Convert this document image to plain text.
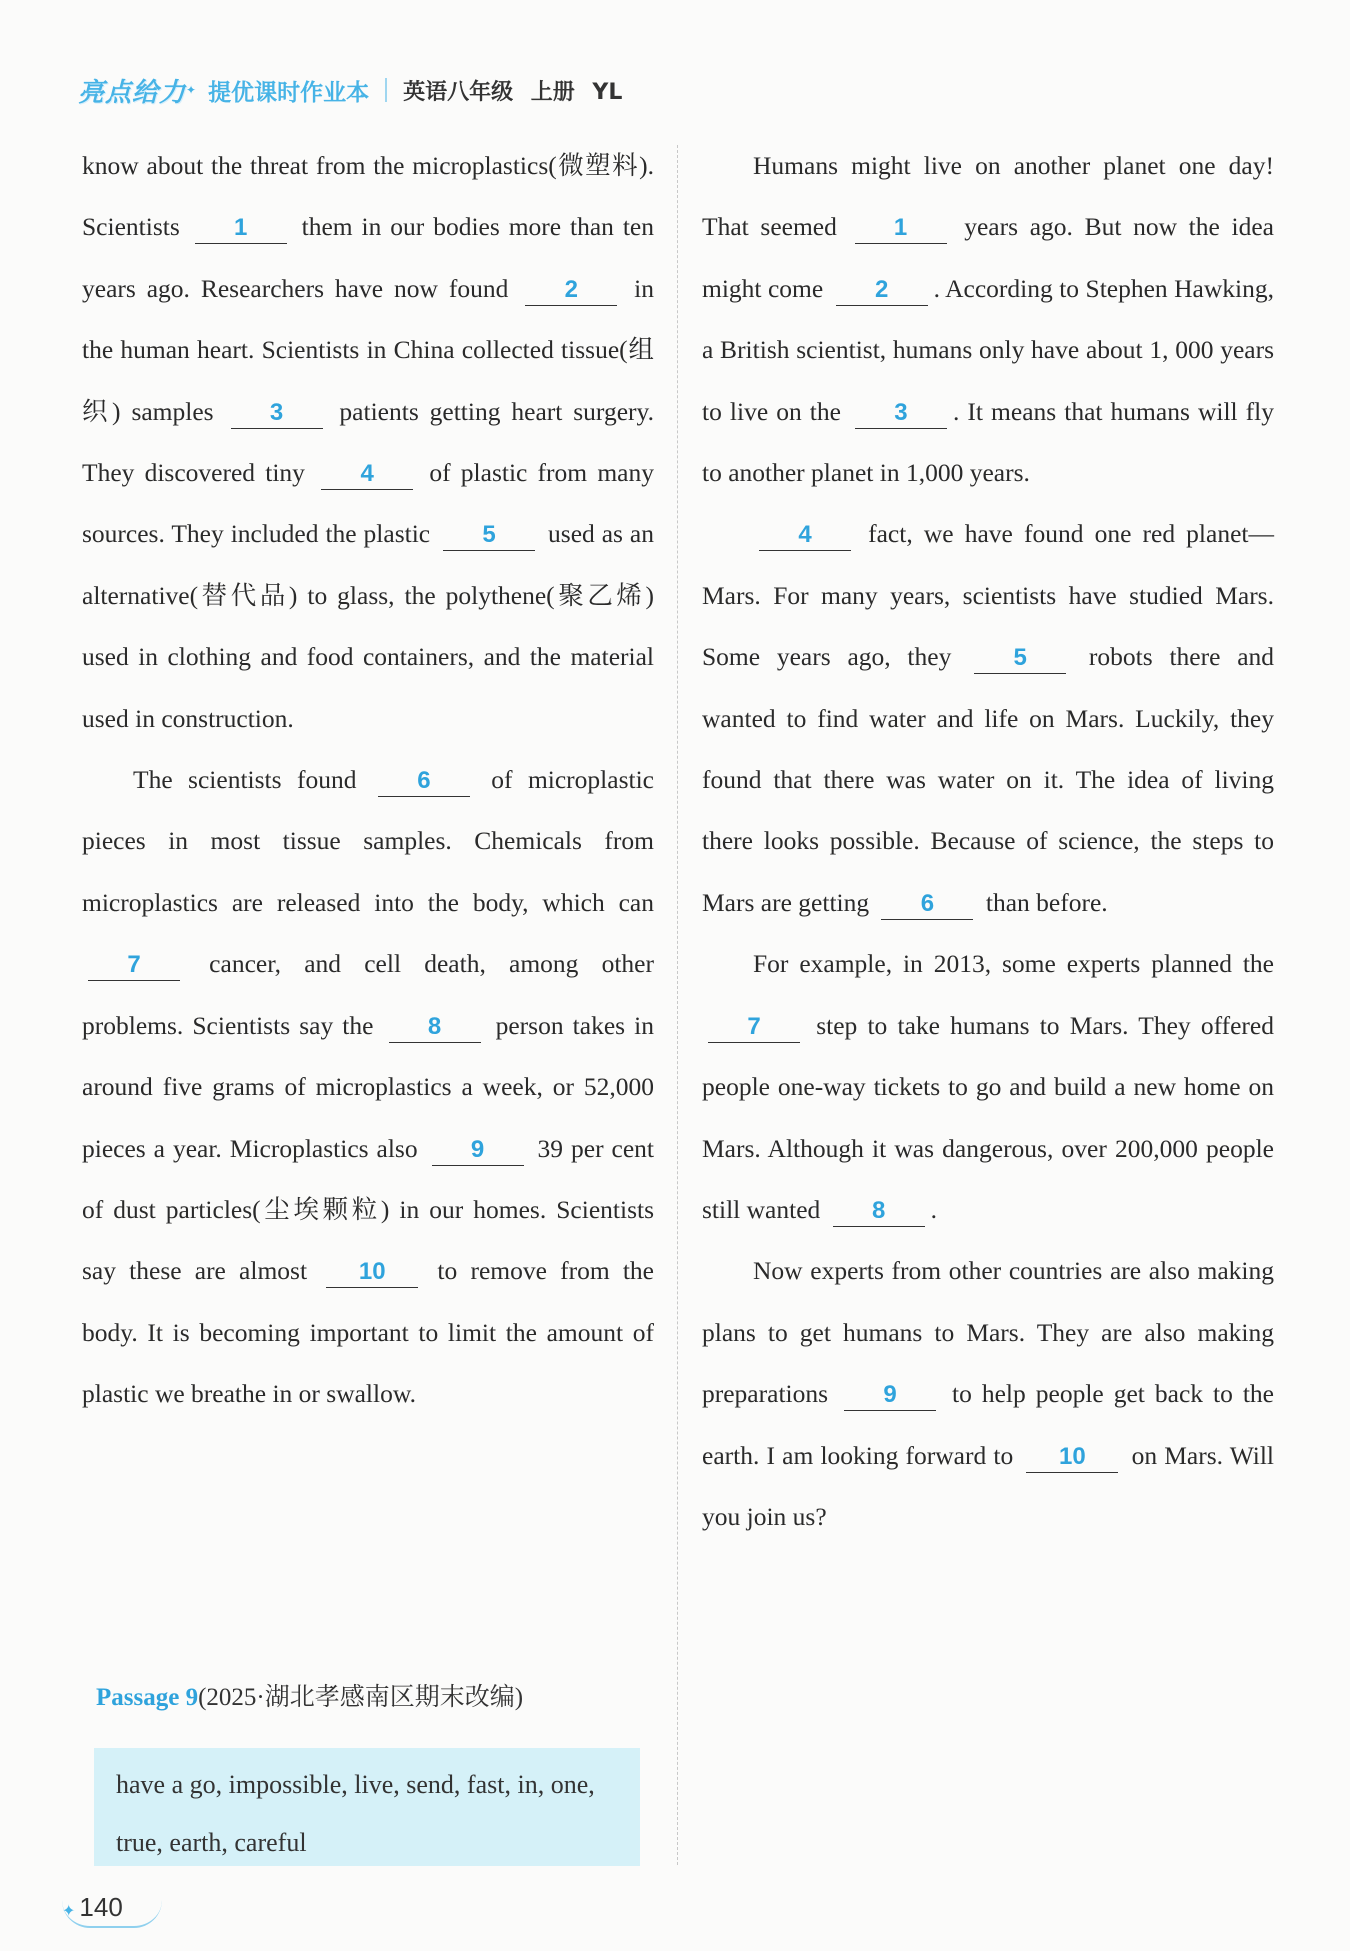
亮点给力 ✦ 提优课时作业本 英语八年级 上册 YL

know about the threat from the microplastics(微塑料). Scientists 1 them in our bodies more than ten years ago. Researchers have now found 2 in the human heart. Scientists in China collected tissue(组织) samples 3 patients getting heart surgery. They discovered tiny 4 of plastic from many sources. They included the plastic 5 used as an alternative(替代品) to glass, the polythene(聚乙烯) used in clothing and food containers, and the material used in construction.

The scientists found 6 of microplastic pieces in most tissue samples. Chemicals from microplastics are released into the body, which can 7 cancer, and cell death, among other problems. Scientists say the 8 person takes in around five grams of microplastics a week, or 52,000 pieces a year. Microplastics also 9 39 per cent of dust particles(尘埃颗粒) in our homes. Scientists say these are almost 10 to remove from the body. It is becoming important to limit the amount of plastic we breathe in or swallow.

Passage 9(2025·湖北孝感南区期末改编)
have a go, impossible, live, send, fast, in, one, true, earth, careful

Humans might live on another planet one day! That seemed 1 years ago. But now the idea might come 2 . According to Stephen Hawking, a British scientist, humans only have about 1, 000 years to live on the 3 . It means that humans will fly to another planet in 1,000 years.

4 fact, we have found one red planet—Mars. For many years, scientists have studied Mars. Some years ago, they 5 robots there and wanted to find water and life on Mars. Luckily, they found that there was water on it. The idea of living there looks possible. Because of science, the steps to Mars are getting 6 than before.

For example, in 2013, some experts planned the 7 step to take humans to Mars. They offered people one-way tickets to go and build a new home on Mars. Although it was dangerous, over 200,000 people still wanted 8 .

Now experts from other countries are also making plans to get humans to Mars. They are also making preparations 9 to help people get back to the earth. I am looking forward to 10 on Mars. Will you join us?

✦ 140
